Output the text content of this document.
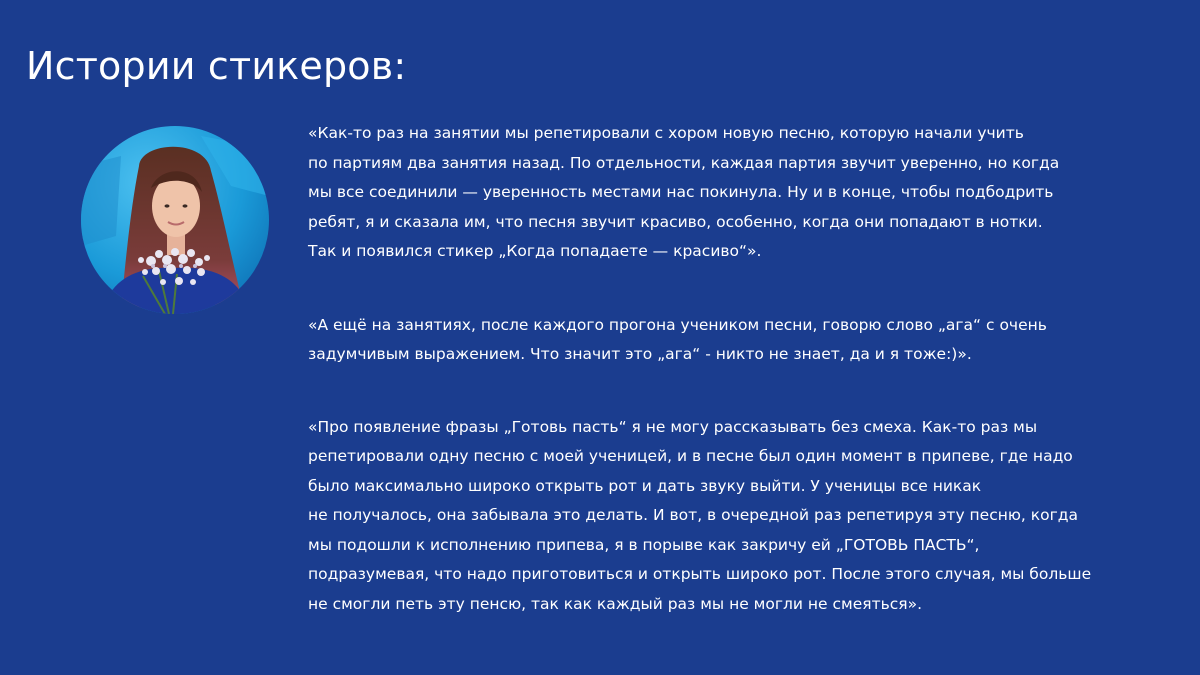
Истории стикеров:

«Как-то раз на занятии мы репетировали с хором новую песню, которую начали учить
по партиям два занятия назад. По отдельности, каждая партия звучит уверенно, но когда
мы все соединили — уверенность местами нас покинула. Ну и в конце, чтобы подбодрить
ребят, я и сказала им, что песня звучит красиво, особенно, когда они попадают в нотки.
Так и появился стикер „Когда попадаете — красиво“».

«А ещё на занятиях, после каждого прогона учеником песни, говорю слово „ага“ с очень
задумчивым выражением. Что значит это „ага“ - никто не знает, да и я тоже:)».

«Про появление фразы „Готовь пасть“ я не могу рассказывать без смеха. Как-то раз мы
репетировали одну песню с моей ученицей, и в песне был один момент в припеве, где надо
было максимально широко открыть рот и дать звуку выйти. У ученицы все никак
не получалось, она забывала это делать. И вот, в очередной раз репетируя эту песню, когда
мы подошли к исполнению припева, я в порыве как закричу ей „ГОТОВЬ ПАСТЬ“,
подразумевая, что надо приготовиться и открыть широко рот. После этого случая, мы больше
не смогли петь эту пенсю, так как каждый раз мы не могли не смеяться».
